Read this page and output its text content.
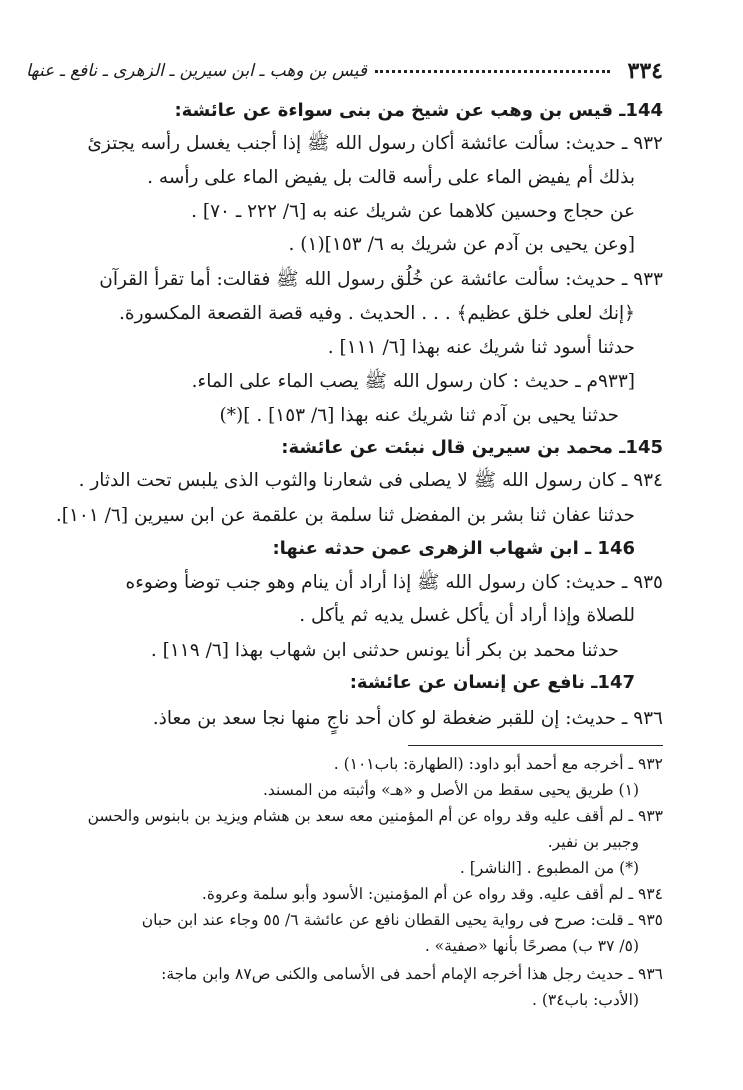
٣٣٤
قيس بن وهب ـ ابن سيرين ـ الزهرى ـ نافع ـ عنها
144ـ قيس بن وهب عن شيخ من بنى سواءة عن عائشة:
٩٣٢ ـ حديث: سألت عائشة أكان رسول الله ﷺ إذا أجنب يغسل رأسه يجتزئ
بذلك أم يفيض الماء على رأسه قالت بل يفيض الماء على رأسه .
عن حجاج وحسين كلاهما عن شريك عنه به [٦/ ٢٢٢ ـ ٧٠] .
[وعن يحيى بن آدم عن شريك به ٦/ ١٥٣](١) .
٩٣٣ ـ حديث: سألت عائشة عن خُلُق رسول الله ﷺ فقالت: أما تقرأ القرآن
﴿إنك لعلى خلق عظيم﴾ . . . الحديث . وفيه قصة القصعة المكسورة.
حدثنا أسود ثنا شريك عنه بهذا [٦/ ١١١] .
[٩٣٣م ـ حديث : كان رسول الله ﷺ يصب الماء على الماء.
حدثنا يحيى بن آدم ثنا شريك عنه بهذا [٦/ ١٥٣] . ](*)
145ـ محمد بن سيرين قال نبئت عن عائشة:
٩٣٤ ـ كان رسول الله ﷺ لا يصلى فى شعارنا والثوب الذى يلبس تحت الدثار .
حدثنا عفان ثنا بشر بن المفضل ثنا سلمة بن علقمة عن ابن سيرين [٦/ ١٠١].
146 ـ ابن شهاب الزهرى عمن حدثه عنها:
٩٣٥ ـ حديث: كان رسول الله ﷺ إذا أراد أن ينام وهو جنب توضأ وضوءه
للصلاة وإذا أراد أن يأكل غسل يديه ثم يأكل .
حدثنا محمد بن بكر أنا يونس حدثنى ابن شهاب بهذا [٦/ ١١٩] .
147ـ نافع عن إنسان عن عائشة:
٩٣٦ ـ حديث: إن للقبر ضغطة لو كان أحد ناجٍ منها نجا سعد بن معاذ.
٩٣٢ ـ أخرجه مع أحمد أبو داود: (الطهارة: باب١٠١) .
(١) طريق يحيى سقط من الأصل و «هـ» وأثبته من المسند.
٩٣٣ ـ لم أقف عليه وقد رواه عن أم المؤمنين معه سعد بن هشام ويزيد بن بابنوس والحسن
وجبير بن نفير.
(*) من المطبوع . [الناشر] .
٩٣٤ ـ لم أقف عليه. وقد رواه عن أم المؤمنين: الأسود وأبو سلمة وعروة.
٩٣٥ ـ قلت: صرح فى رواية يحيى القطان نافع عن عائشة ٦/ ٥٥ وجاء عند ابن حبان
(٥/ ٣٧ ب) مصرحًا بأنها «صفية» .
٩٣٦ ـ حديث رجل هذا أخرجه الإمام أحمد فى الأسامى والكنى ص٨٧ وابن ماجة:
(الأدب: باب٣٤) .
